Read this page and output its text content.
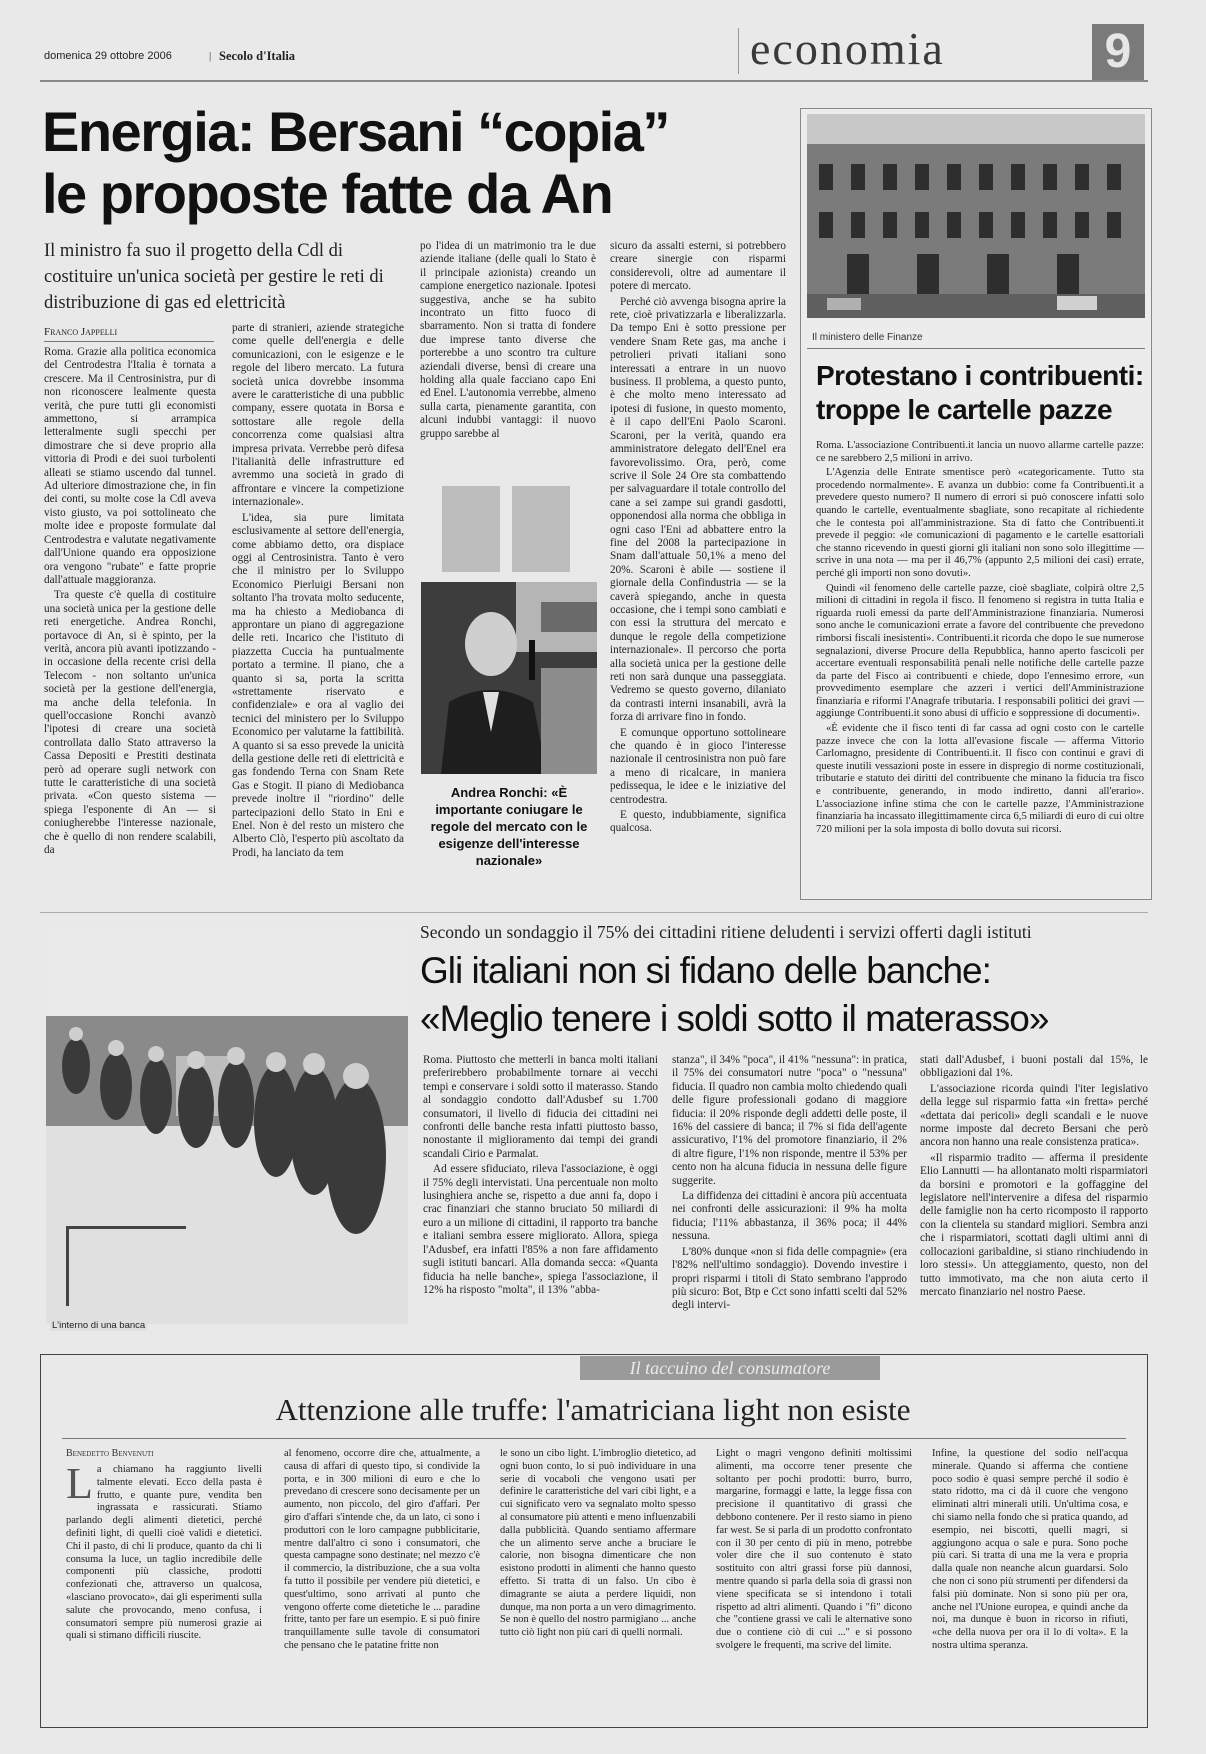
domenica 29 ottobre 2006	| Secolo d'Italia	economia	9
Energia: Bersani “copia”
le proposte fatte da An
Il ministro fa suo il progetto della Cdl di costituire un'unica società per gestire le reti di distribuzione di gas ed elettricità
Franco Jappelli

Roma. Grazie alla politica economica del Centrodestra l'Italia è tornata a crescere. Ma il Centrosinistra, pur di non riconoscere lealmente questa verità, che pure tutti gli economisti ammettono, si arrampica letteralmente sugli specchi per dimostrare che si deve proprio alla vittoria di Prodi e dei suoi turbolenti alleati se stiamo uscendo dal tunnel. Ad ulteriore dimostrazione che, in fin dei conti, su molte cose la Cdl aveva visto giusto, va poi sottolineato che molte idee e proposte formulate dal Centrodestra e valutate negativamente dall'Unione quando era opposizione ora vengono "rubate" e fatte proprie dall'attuale maggioranza.

Tra queste c'è quella di costituire una società unica per la gestione delle reti energetiche. Andrea Ronchi, portavoce di An, si è spinto, per la verità, ancora più avanti ipotizzando - in occasione della recente crisi della Telecom - non soltanto un'unica società per la gestione dell'energia, ma anche della telefonia. In quell'occasione Ronchi avanzò l'ipotesi di creare una società controllata dallo Stato attraverso la Cassa Depositi e Prestiti destinata però ad operare sugli network con tutte le caratteristiche di una società privata. «Con questo sistema — spiega l'esponente di An — si coniugherebbe l'interesse nazionale, che è quello di non rendere scalabili, da

parte di stranieri, aziende strategiche come quelle dell'energia e delle comunicazioni, con le esigenze e le regole del libero mercato. La futura società unica dovrebbe insomma avere le caratteristiche di una pubblic company, essere quotata in Borsa e sottostare alle regole della concorrenza come qualsiasi altra impresa privata. Verrebbe però difesa l'italianità delle infrastrutture ed avremmo una società in grado di affrontare e vincere la competizione internazionale».

L'idea, sia pure limitata esclusivamente al settore dell'energia, come abbiamo detto, ora dispiace oggi al Centrosinistra. Tanto è vero che il ministro per lo Sviluppo Economico Pierluigi Bersani non soltanto l'ha trovata molto seducente, ma ha chiesto a Mediobanca di approntare un piano di aggregazione delle reti. Incarico che l'istituto di piazzetta Cuccia ha puntualmente portato a termine. Il piano, che a quanto si sa, porta la scritta «strettamente riservato e confidenziale» e ora al vaglio dei tecnici del ministero per lo Sviluppo Economico per valutarne la fattibilità. A quanto si sa esso prevede la unicità della gestione delle reti di elettricità e gas fondendo Terna con Snam Rete Gas e Stogit. Il piano di Mediobanca prevede inoltre il "riordino" delle partecipazioni dello Stato in Eni e Enel. Non è del resto un mistero che Alberto Clò, l'esperto più ascoltato da Prodi, ha lanciato da tem

po l'idea di un matrimonio tra le due aziende italiane (delle quali lo Stato è il principale azionista) creando un campione energetico nazionale. Ipotesi suggestiva, anche se ha subito incontrato un fitto fuoco di sbarramento. Non si tratta di fondere due imprese tanto diverse che porterebbe a uno scontro tra culture aziendali diverse, bensì di creare una holding alla quale facciano capo Eni ed Enel. L'autonomia verrebbe, almeno sulla carta, pienamente garantita, con alcuni indubbi vantaggi: il nuovo gruppo sarebbe al

sicuro da assalti esterni, si potrebbero creare sinergie con risparmi considerevoli, oltre ad aumentare il potere di mercato.

Perché ciò avvenga bisogna aprire la rete, cioè privatizzarla e liberalizzarla. Da tempo Eni è sotto pressione per vendere Snam Rete gas, ma anche i petrolieri privati italiani sono interessati a entrare in un nuovo business. Il problema, a questo punto, è che molto meno interessato ad ipotesi di fusione, in questo momento, è il capo dell'Eni Paolo Scaroni. Scaroni, per la verità, quando era amministratore delegato dell'Enel era favorevolissimo. Ora, però, come scrive il Sole 24 Ore sta combattendo per salvaguardare il totale controllo del cane a sei zampe sui grandi gasdotti, opponendosi alla norma che obbliga in ogni caso l'Eni ad abbattere entro la fine del 2008 la partecipazione in Snam dall'attuale 50,1% a meno del 20%. Scaroni è abile — sostiene il giornale della Confindustria — se la caverà spiegando, anche in questa occasione, che i tempi sono cambiati e con essi la struttura del mercato e dunque le regole della competizione internazionale». Il percorso che porta alla società unica per la gestione delle reti non sarà dunque una passeggiata. Vedremo se questo governo, dilaniato da contrasti interni insanabili, avrà la forza di arrivare fino in fondo.

E comunque opportuno sottolineare che quando è in gioco l'interesse nazionale il centrosinistra non può fare a meno di ricalcare, in maniera pedissequa, le idee e le iniziative del centrodestra.

E questo, indubbiamente, significa qualcosa.

Andrea Ronchi: «È importante coniugare le regole del mercato con le esigenze dell'interesse nazionale»
Il ministero delle Finanze
Protestano i contribuenti:
troppe le cartelle pazze

Roma. L'associazione Contribuenti.it lancia un nuovo allarme cartelle pazze: ce ne sarebbero 2,5 milioni in arrivo.

L'Agenzia delle Entrate smentisce però «categoricamente. Tutto sta procedendo normalmente». E avanza un dubbio: come fa Contribuenti.it a prevedere questo numero? Il numero di errori si può conoscere infatti solo quando le cartelle, eventualmente sbagliate, sono recapitate al richiedente che le contesta poi all'amministrazione. Sta di fatto che Contribuenti.it prevede il peggio: «le comunicazioni di pagamento e le cartelle esattoriali che stanno ricevendo in questi giorni gli italiani non sono solo illegittime — scrive in una nota — ma per il 46,7% (appunto 2,5 milioni dei casi) errate, perché gli importi non sono dovuti».

Quindi «il fenomeno delle cartelle pazze, cioè sbagliate, colpirà oltre 2,5 milioni di cittadini in regola il fisco. Il fenomeno si registra in tutta Italia e riguarda ruoli emessi da parte dell'Amministrazione finanziaria. Numerosi sono anche le comunicazioni errate a favore del contribuente che prevedono rimborsi fiscali inesistenti». Contribuenti.it ricorda che dopo le sue numerose segnalazioni, diverse Procure della Repubblica, hanno aperto fascicoli per accertare eventuali responsabilità penali nelle notifiche delle cartelle pazze da parte del Fisco ai contribuenti e chiede, dopo l'ennesimo errore, «un provvedimento esemplare che azzeri i vertici dell'Amministrazione finanziaria e riformi l'Anagrafe tributaria. I responsabili politici dei gravi — aggiunge Contribuenti.it sono abusi di ufficio e soppressione di documenti».

«È evidente che il fisco tenti di far cassa ad ogni costo con le cartelle pazze invece che con la lotta all'evasione fiscale — afferma Vittorio Carlomagno, presidente di Contribuenti.it. Il fisco con continui e gravi di queste inutili vessazioni poste in essere in dispregio di norme costituzionali, tributarie e statuto dei diritti del contribuente che minano la fiducia tra fisco e contribuente, generando, in modo indiretto, danni all'erario». L'associazione infine stima che con le cartelle pazze, l'Amministrazione finanziaria ha incassato illegittimamente circa 6,5 miliardi di euro di cui oltre 720 milioni per la sola imposta di bollo dovuta sui ricorsi.

L'interno di una banca
Secondo un sondaggio il 75% dei cittadini ritiene deludenti i servizi offerti dagli istituti
Gli italiani non si fidano delle banche:
«Meglio tenere i soldi sotto il materasso»

Roma. Piuttosto che metterli in banca molti italiani preferirebbero probabilmente tornare ai vecchi tempi e conservare i soldi sotto il materasso. Stando al sondaggio condotto dall'Adusbef su 1.700 consumatori, il livello di fiducia dei cittadini nei confronti delle banche resta infatti piuttosto basso, nonostante il miglioramento dai tempi dei grandi scandali Cirio e Parmalat.

Ad essere sfiduciato, rileva l'associazione, è oggi il 75% degli intervistati. Una percentuale non molto lusinghiera anche se, rispetto a due anni fa, dopo i crac finanziari che stanno bruciato 50 miliardi di euro a un milione di cittadini, il rapporto tra banche e italiani sembra essere migliorato. Allora, spiega l'Adusbef, era infatti l'85% a non fare affidamento sugli istituti bancari. Alla domanda secca: «Quanta fiducia ha nelle banche», spiega l'associazione, il 12% ha risposto "molta", il 13% "abba-

stanza", il 34% "poca", il 41% "nessuna": in pratica, il 75% dei consumatori nutre "poca" o "nessuna" fiducia. Il quadro non cambia molto chiedendo quali delle figure professionali godano di maggiore fiducia: il 20% risponde degli addetti delle poste, il 16% del cassiere di banca; il 7% si fida dell'agente assicurativo, l'1% del promotore finanziario, il 2% di altre figure, l'1% non risponde, mentre il 53% per cento non ha alcuna fiducia in nessuna delle figure suggerite.

La diffidenza dei cittadini è ancora più accentuata nei confronti delle assicurazioni: il 9% ha molta fiducia; l'11% abbastanza, il 36% poca; il 44% nessuna.

L'80% dunque «non si fida delle compagnie» (era l'82% nell'ultimo sondaggio). Dovendo investire i propri risparmi i titoli di Stato sembrano l'approdo più sicuro: Bot, Btp e Cct sono infatti scelti dal 52% degli intervi-

stati dall'Adusbef, i buoni postali dal 15%, le obbligazioni dal 1%.

L'associazione ricorda quindi l'iter legislativo della legge sul risparmio fatta «in fretta» perché «dettata dai pericoli» degli scandali e le nuove norme imposte dal decreto Bersani che però ancora non hanno una reale consistenza pratica».

«Il risparmio tradito — afferma il presidente Elio Lannutti — ha allontanato molti risparmiatori da borsini e promotori e la goffaggine del legislatore nell'intervenire a difesa del risparmio delle famiglie non ha certo ricomposto il rapporto con la clientela su standard migliori. Sembra anzi che i risparmiatori, scottati dagli ultimi anni di collocazioni garibaldine, si stiano rinchiudendo in loro stessi». Un atteggiamento, questo, non del tutto immotivato, ma che non aiuta certo il mercato finanziario nel nostro Paese.

Il taccuino del consumatore
Attenzione alle truffe: l'amatriciana light non esiste
Benedetto Benvenuti
L a chiamano ha raggiunto livelli talmente elevati. Ecco della pasta è frutto, e quante pure, vendita ben ingrassata e rassicurati. Stiamo parlando degli alimenti dietetici, perché definiti light, di quelli cioè validi e dietetici. Chi il pasto, di chi li produce, quanto da chi li consuma la luce, un taglio incredibile delle componenti più classiche, prodotti confezionati che, attraverso un qualcosa, «lasciano provocato», dai gli esperimenti sulla salute che provocando, meno confusa, i consumatori sempre più numerosi grazie ai quali si stimano difficili riuscite.

al fenomeno, occorre dire che, attualmente, a causa di affari di questo tipo, si condivide la porta, e in 300 milioni di euro e che lo prevedano di crescere sono decisamente per un aumento, non piccolo, del giro d'affari. Per giro d'affari s'intende che, da un lato, ci sono i produttori con le loro campagne pubblicitarie, mentre dall'altro ci sono i consumatori, che questa campagne sono destinate; nel mezzo c'è il commercio, la distribuzione, che a sua volta fa tutto il possibile per vendere più dietetici, e quest'ultimo, sono arrivati al punto che vengono offerte come dietetiche le ... paradine fritte, tanto per fare un esempio. E si può finire tranquillamente sulle tavole di consumatori che pensano che le patatine fritte non

le sono un cibo light. L'imbroglio dietetico, ad ogni buon conto, lo si può individuare in una serie di vocaboli che vengono usati per definire le caratteristiche del vari cibi light, e a cui significato vero va segnalato molto spesso al consumatore più attenti e meno influenzabili dalla pubblicità. Quando sentiamo affermare che un alimento serve anche a bruciare le calorie, non bisogna dimenticare che non esistono prodotti in alimenti che hanno questo effetto. Si tratta di un falso. Un cibo è dimagrante se aiuta a perdere liquidi, non dunque, ma non porta a un vero dimagrimento. Se non è quello del nostro parmigiano ... anche tutto ciò light non più cari di quelli normali.

Light o magri vengono definiti moltissimi alimenti, ma occorre tener presente che soltanto per pochi prodotti: burro, burro, margarine, formaggi e latte, la legge fissa con precisione il quantitativo di grassi che debbono contenere. Per il resto siamo in pieno far west. Se si parla di un prodotto confrontato con il 30 per cento di più in meno, potrebbe voler dire che il suo contenuto è stato sostituito con altri grassi forse più dannosi, mentre quando si parla della soia di grassi non viene specificata se si intendono i totali rispetto ad altri alimenti. Quando i "fi" dicono che "contiene grassi ve cali le alternative sono due o contiene ciò di cui ..." e si possono svolgere le frequenti, ma scrive del limite.

Infine, la questione del sodio nell'acqua minerale. Quando si afferma che contiene poco sodio è quasi sempre perché il sodio è stato ridotto, ma ci dà il cuore che vengono eliminati altri minerali utili. Un'ultima cosa, e chi siamo nella fondo che si pratica quando, ad esempio, nei biscotti, quelli magri, si aggiungono acqua o sale e pura. Sono poche più cari. Si tratta di una me la vera e propria dalla quale non neanche alcun guardarsi. Solo che non ci sono più strumenti per difendersi da falsi più dominate. Non si sono più per ora, anche nel l'Unione europea, e quindi anche da noi, ma dunque è buon in ricorso in rifiuti, «che della nuova per ora il lo di volta». E la nostra ultima speranza.
